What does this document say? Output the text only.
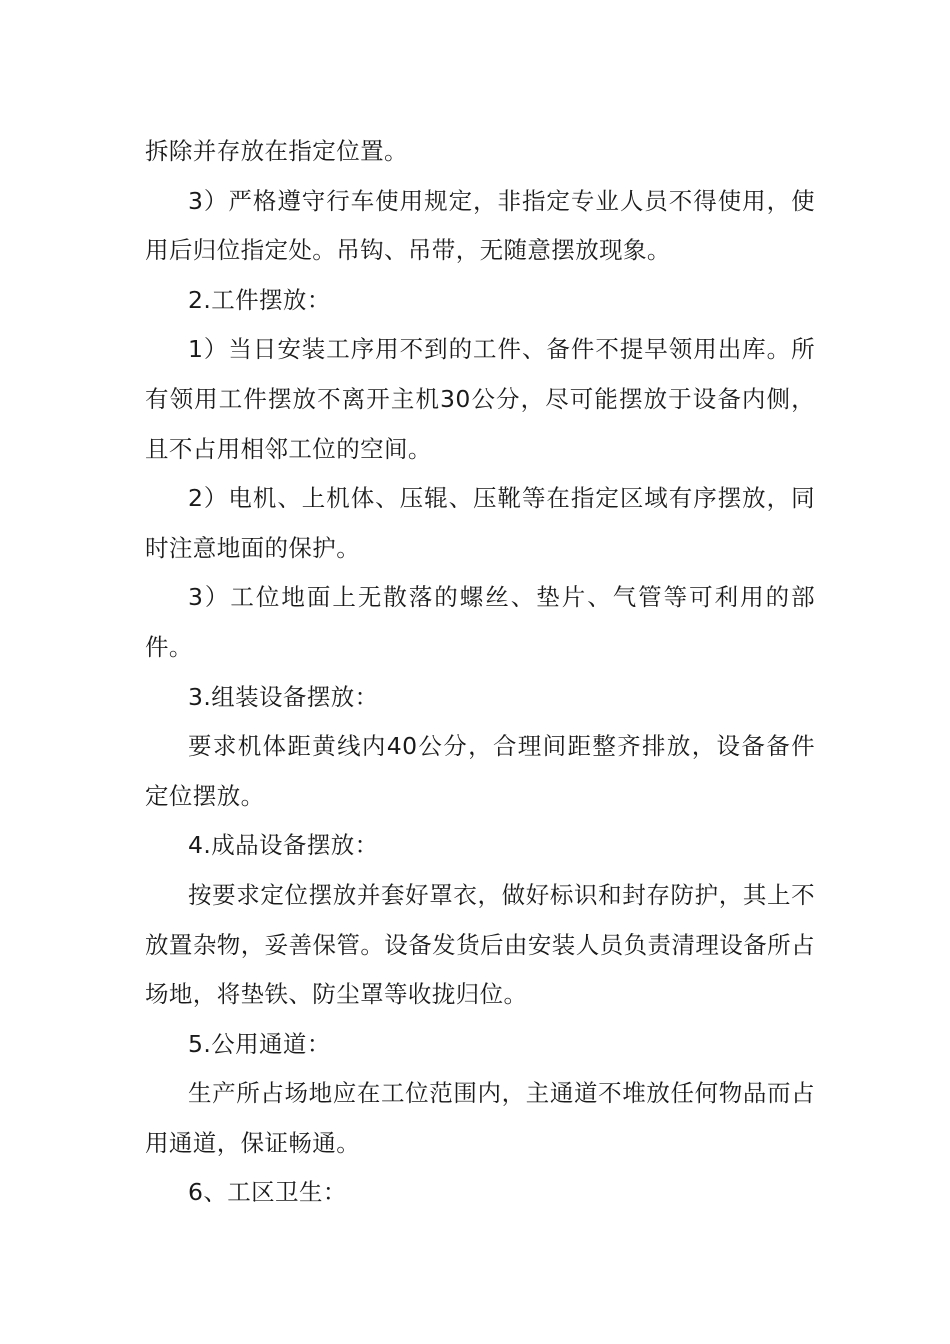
拆除并存放在指定位置。

3）严格遵守行车使用规定，非指定专业人员不得使用，使用后归位指定处。吊钩、吊带，无随意摆放现象。

2.工件摆放：

1）当日安装工序用不到的工件、备件不提早领用出库。所有领用工件摆放不离开主机30公分，尽可能摆放于设备内侧，且不占用相邻工位的空间。

2）电机、上机体、压辊、压靴等在指定区域有序摆放，同时注意地面的保护。

3）工位地面上无散落的螺丝、垫片、气管等可利用的部件。

3.组装设备摆放：

要求机体距黄线内40公分，合理间距整齐排放，设备备件定位摆放。

4.成品设备摆放：

按要求定位摆放并套好罩衣，做好标识和封存防护，其上不放置杂物，妥善保管。设备发货后由安装人员负责清理设备所占场地，将垫铁、防尘罩等收拢归位。

5.公用通道：

生产所占场地应在工位范围内，主通道不堆放任何物品而占用通道，保证畅通。

6、工区卫生：
